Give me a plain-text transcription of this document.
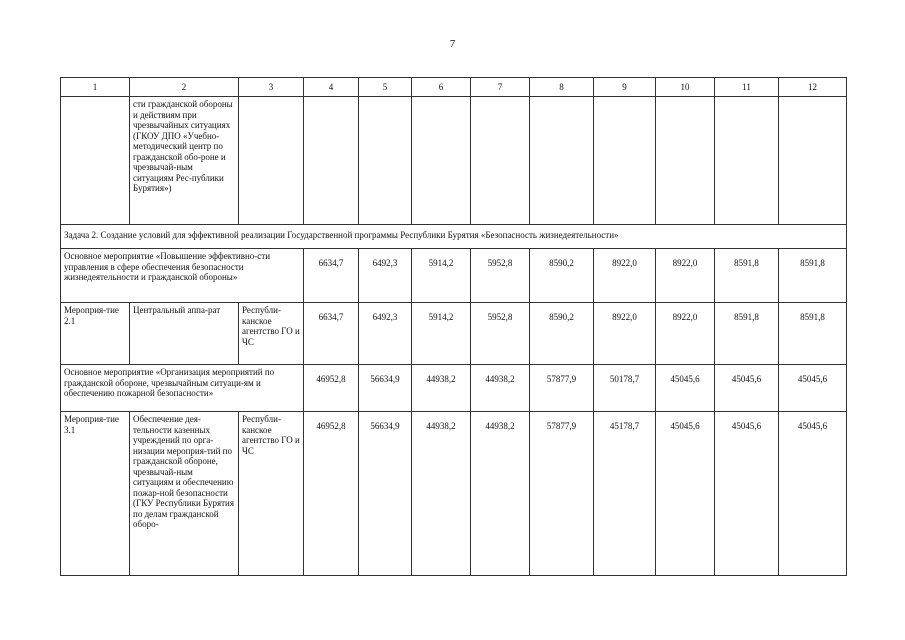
7
1	2	3	4	5	6	7	8	9	10	11	12
	сти гражданской обороны и действиям при чрезвычайных ситуациях (ГКОУ ДПО «Учебно-методический центр по гражданской обо-роне и чрезвычай-ным ситуациям Рес-публики Бурятия»)										
Задача 2. Создание условий для эффективной реализации Государственной программы Республики Бурятия «Безопасность жизнедеятельности»											
Основное мероприятие «Повышение эффективно-сти управления в сфере обеспечения безопасности жизнедеятельности и гражданской обороны»			6634,7	6492,3	5914,2	5952,8	8590,2	8922,0	8922,0	8591,8	8591,8
Мероприя-тие 2.1	Центральный аппа-рат	Республи-канское агентство ГО и ЧС	6634,7	6492,3	5914,2	5952,8	8590,2	8922,0	8922,0	8591,8	8591,8
Основное мероприятие «Организация мероприятий по гражданской обороне, чрезвычайным ситуаци-ям и обеспечению пожарной безопасности»			46952,8	56634,9	44938,2	44938,2	57877,9	50178,7	45045,6	45045,6	45045,6
Мероприя-тие 3.1	Обеспечение дея-тельности казенных учреждений по орга-низации мероприя-тий по гражданской обороне, чрезвычай-ным ситуациям и обеспечению пожар-ной безопасности (ГКУ Республики Бурятия по делам гражданской оборо-	Республи-канское агентство ГО и ЧС	46952,8	56634,9	44938,2	44938,2	57877,9	45178,7	45045,6	45045,6	45045,6
